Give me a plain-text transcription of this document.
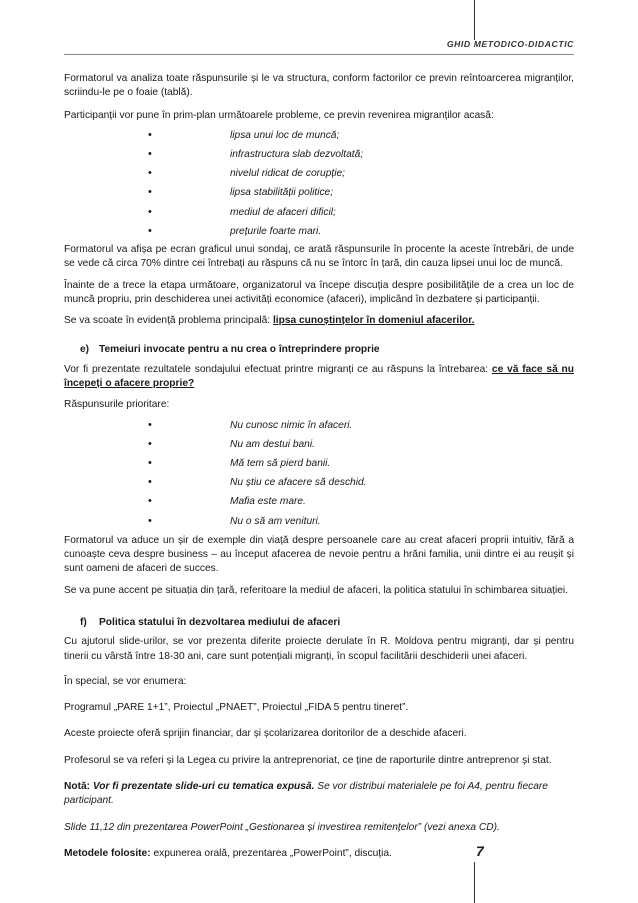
GHID METODICO-DIDACTIC

Formatorul va analiza toate răspunsurile și le va structura, conform factorilor ce previn reîntoarcerea migranților, scriindu-le pe o foaie (tablă).

Participanții vor pune în prim-plan următoarele probleme, ce previn revenirea migranților acasă:

• lipsa unui loc de muncă;
• infrastructura slab dezvoltată;
• nivelul ridicat de corupție;
• lipsa stabilității politice;
• mediul de afaceri dificil;
• prețurile foarte mari.

Formatorul va afișa pe ecran graficul unui sondaj, ce arată răspunsurile în procente la aceste întrebări, de unde se vede că circa 70% dintre cei întrebați au răspuns că nu se întorc în țară, din cauza lipsei unui loc de muncă.

Înainte de a trece la etapa următoare, organizatorul va începe discuția despre posibilitățile de a crea un loc de muncă propriu, prin deschiderea unei activități economice (afaceri), implicând în dezbatere și participanții.

Se va scoate în evidență problema principală: lipsa cunoștințelor în domeniul afacerilor.

e) Temeiuri invocate pentru a nu crea o întreprindere proprie

Vor fi prezentate rezultatele sondajului efectuat printre migranți ce au răspuns la întrebarea: ce vă face să nu începeți o afacere proprie?

Răspunsurile prioritare:

• Nu cunosc nimic în afaceri.
• Nu am destui bani.
• Mă tem să pierd banii.
• Nu știu ce afacere să deschid.
• Mafia este mare.
• Nu o să am venituri.

Formatorul va aduce un șir de exemple din viață despre persoanele care au creat afaceri proprii intuitiv, fără a cunoaște ceva despre business – au început afacerea de nevoie pentru a hrăni familia, unii dintre ei au reușit și sunt oameni de afaceri de succes.

Se va pune accent pe situația din țară, referitoare la mediul de afaceri, la politica statului în schimbarea situației.

f) Politica statului în dezvoltarea mediului de afaceri

Cu ajutorul slide-urilor, se vor prezenta diferite proiecte derulate în R. Moldova pentru migranți, dar și pentru tinerii cu vârstă între 18-30 ani, care sunt potențiali migranți, în scopul facilitării deschiderii unei afaceri.

În special, se vor enumera:

Programul „PARE 1+1”, Proiectul „PNAET”, Proiectul „FIDA 5 pentru tineret”.

Aceste proiecte oferă sprijin financiar, dar și școlarizarea doritorilor de a deschide afaceri.

Profesorul se va referi și la Legea cu privire la antreprenoriat, ce ține de raporturile dintre antreprenor și stat.

Notă: Vor fi prezentate slide-uri cu tematica expusă. Se vor distribui materialele pe foi A4, pentru fiecare participant.

Slide 11,12 din prezentarea PowerPoint „Gestionarea și investirea remitențelor” (vezi anexa CD).

Metodele folosite: expunerea orală, prezentarea „PowerPoint”, discuția.	7
